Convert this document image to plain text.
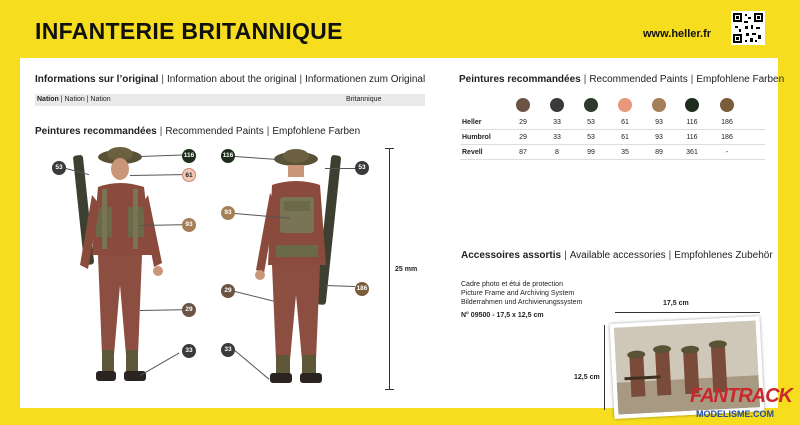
INFANTERIE BRITANNIQUE	www.heller.fr
Informations sur l’original | Information about the original | Informationen zum Original
Nation | Nation | Nation	Britannique
Peintures recommandées | Recommended Paints | Empfohlene Farben
53
116
61
93
29
33
116
53
93
29	186
33
25 mm
Peintures recommandées | Recommended Paints | Empfohlene Farben
Heller	29	33	53	61	93	116	186
Humbrol	29	33	53	61	93	116	186
Revell	87	8	99	35	89	361	-
Accessoires assortis | Available accessories | Empfohlenes Zubehör
Cadre photo et étui de protection
Picture Frame and Archiving System
Bilderrahmen und Archivierungssystem
N° 09500 - 17,5 x 12,5 cm
17,5 cm
12,5 cm
FANTRACK
MODELISME.COM
